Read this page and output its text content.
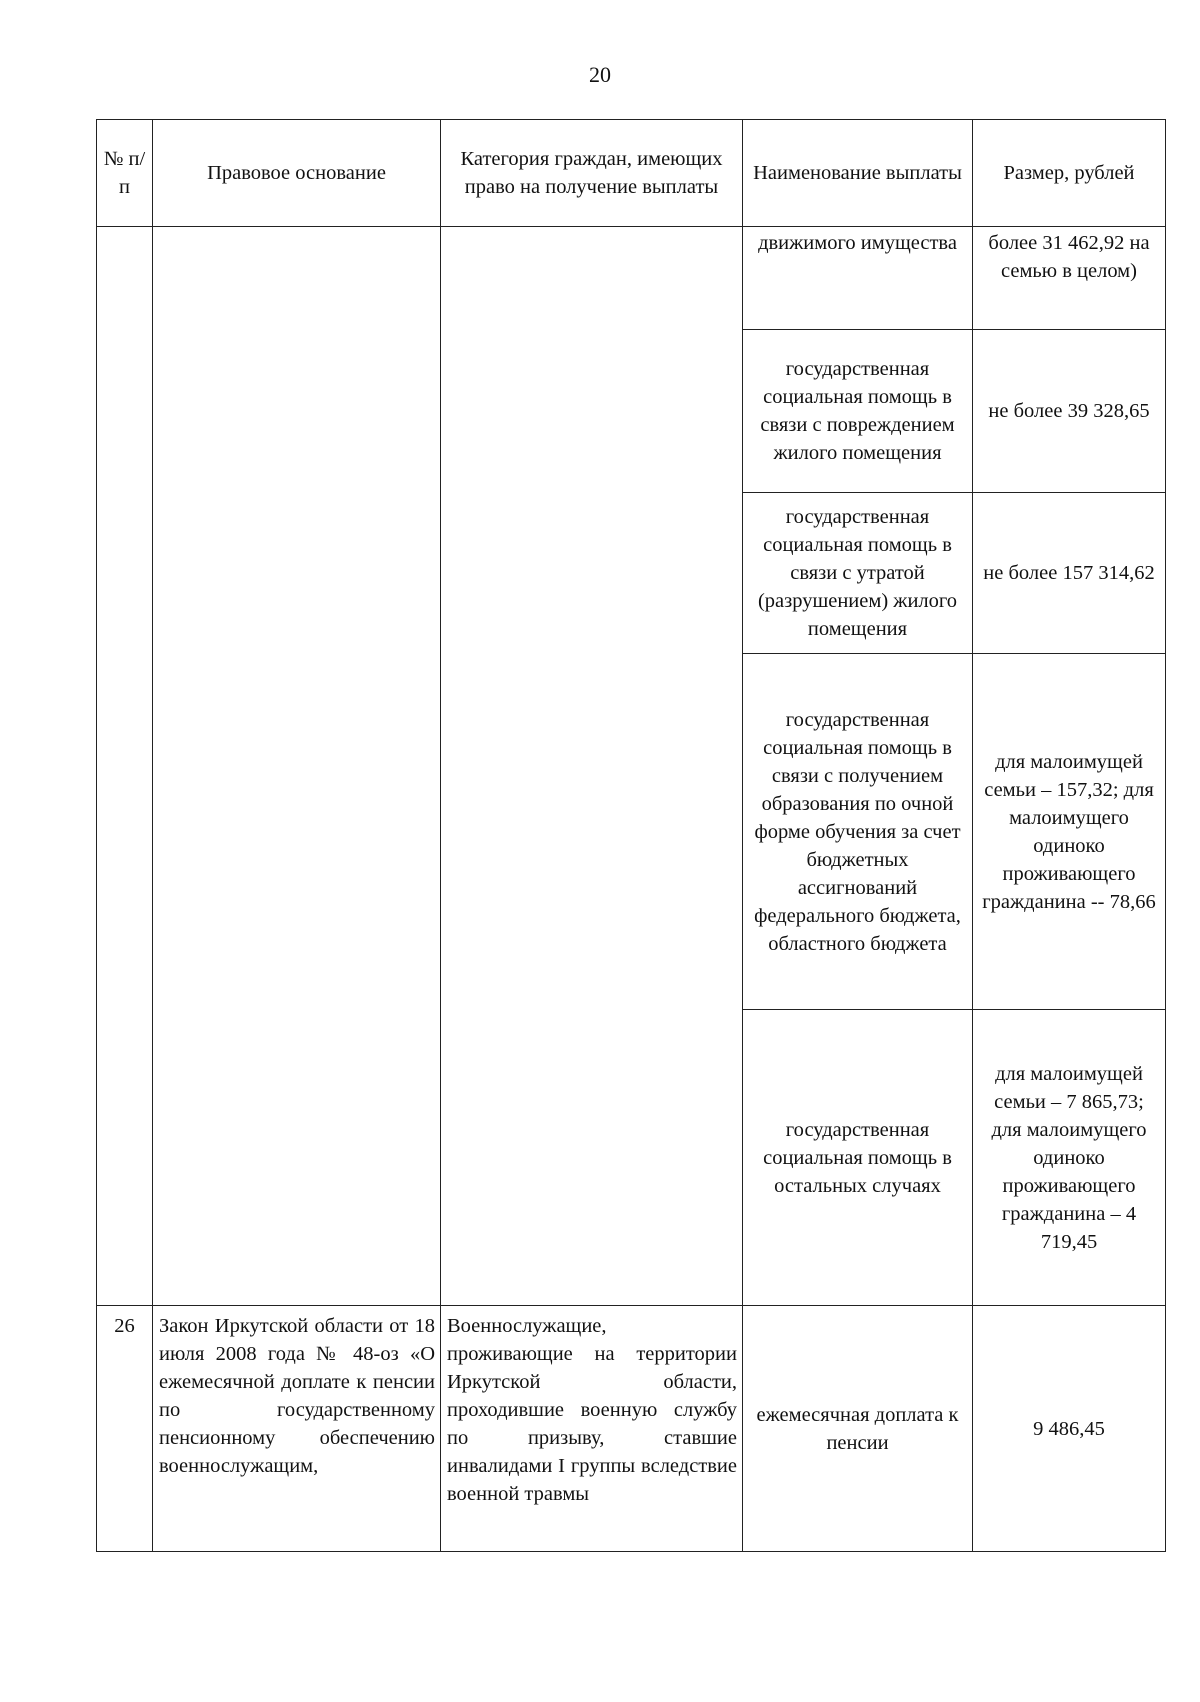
20
№ п/п	Правовое основание	Категория граждан, имеющих право на получение выплаты	Наименование выплаты	Размер, рублей

			движимого имущества	более 31 462,92 на семью в целом)

			государственная социальная помощь в связи с повреждением жилого помещения	не более 39 328,65

			государственная социальная помощь в связи с утратой (разрушением) жилого помещения	не более 157 314,62

			государственная социальная помощь в связи с получением образования по очной форме обучения за счет бюджетных ассигнований федерального бюджета, областного бюджета	для малоимущей семьи – 157,32; для малоимущего одиноко проживающего гражданина -- 78,66

			государственная социальная помощь в остальных случаях	для малоимущей семьи – 7 865,73; для малоимущего одиноко проживающего гражданина – 4 719,45

26	Закон Иркутской области от 18 июля 2008 года № 48-оз «О ежемесячной доплате к пенсии по государственному пенсионному обеспечению военнослужащим,	Военнослужащие, проживающие на территории Иркутской области, проходившие военную службу по призыву, ставшие инвалидами I группы вследствие военной травмы	ежемесячная доплата к пенсии	9 486,45
